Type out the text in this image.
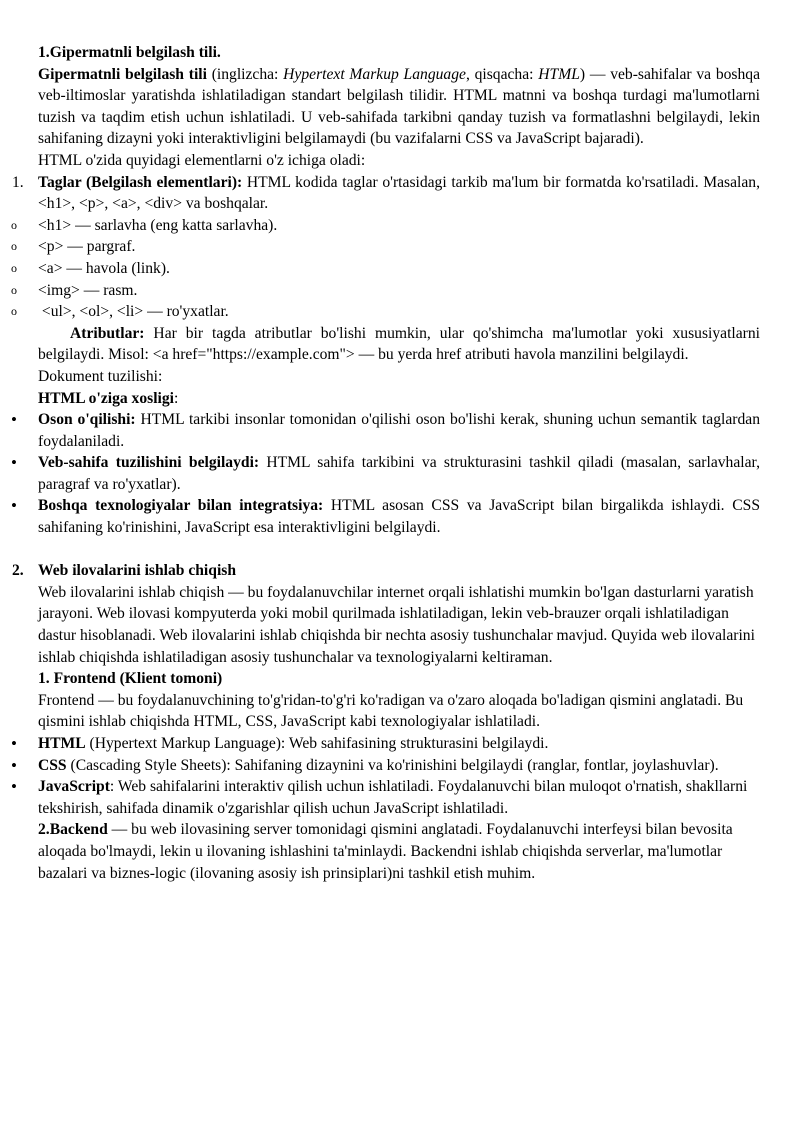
1.Gipermatnli belgilash tili.

Gipermatnli belgilash tili (inglizcha: Hypertext Markup Language, qisqacha: HTML) — veb-sahifalar va boshqa veb-iltimoslar yaratishda ishlatiladigan standart belgilash tilidir. HTML matnni va boshqa turdagi ma'lumotlarni tuzish va taqdim etish uchun ishlatiladi. U veb-sahifada tarkibni qanday tuzish va formatlashni belgilaydi, lekin sahifaning dizayni yoki interaktivligini belgilamaydi (bu vazifalarni CSS va JavaScript bajaradi).

HTML o'zida quyidagi elementlarni o'z ichiga oladi:

1. Taglar (Belgilash elementlari): HTML kodida taglar o'rtasidagi tarkib ma'lum bir formatda ko'rsatiladi. Masalan, <h1>, <p>, <a>, <div> va boshqalar.

o	<h1> — sarlavha (eng katta sarlavha).

o	<p> — pargraf.

o	<a> — havola (link).

o	<img> — rasm.

o	<ul>, <ol>, <li> — ro'yxatlar.

Atributlar: Har bir tagda atributlar bo'lishi mumkin, ular qo'shimcha ma'lumotlar yoki xususiyatlarni belgilaydi. Misol: <a href="https://example.com"> — bu yerda href atributi havola manzilini belgilaydi.

Dokument tuzilishi:

HTML o'ziga xosligi:

•	Oson o'qilishi: HTML tarkibi insonlar tomonidan o'qilishi oson bo'lishi kerak, shuning uchun semantik taglardan foydalaniladi.

•	Veb-sahifa tuzilishini belgilaydi: HTML sahifa tarkibini va strukturasini tashkil qiladi (masalan, sarlavhalar, paragraf va ro'yxatlar).

•	Boshqa texnologiyalar bilan integratsiya: HTML asosan CSS va JavaScript bilan birgalikda ishlaydi. CSS sahifaning ko'rinishini, JavaScript esa interaktivligini belgilaydi.

2. Web ilovalarini ishlab chiqish

Web ilovalarini ishlab chiqish — bu foydalanuvchilar internet orqali ishlatishi mumkin bo'lgan dasturlarni yaratish jarayoni. Web ilovasi kompyuterda yoki mobil qurilmada ishlatiladigan, lekin veb-brauzer orqali ishlatiladigan dastur hisoblanadi. Web ilovalarini ishlab chiqishda bir nechta asosiy tushunchalar mavjud. Quyida web ilovalarini ishlab chiqishda ishlatiladigan asosiy tushunchalar va texnologiyalarni keltiraman.

1. Frontend (Klient tomoni)

Frontend — bu foydalanuvchining to'g'ridan-to'g'ri ko'radigan va o'zaro aloqada bo'ladigan qismini anglatadi. Bu qismini ishlab chiqishda HTML, CSS, JavaScript kabi texnologiyalar ishlatiladi.

•	HTML (Hypertext Markup Language): Web sahifasining strukturasini belgilaydi.

•	CSS (Cascading Style Sheets): Sahifaning dizaynini va ko'rinishini belgilaydi (ranglar, fontlar, joylashuvlar).

•	JavaScript: Web sahifalarini interaktiv qilish uchun ishlatiladi. Foydalanuvchi bilan muloqot o'rnatish, shakllarni tekshirish, sahifada dinamik o'zgarishlar qilish uchun JavaScript ishlatiladi.

2.Backend — bu web ilovasining server tomonidagi qismini anglatadi. Foydalanuvchi interfeysi bilan bevosita aloqada bo'lmaydi, lekin u ilovaning ishlashini ta'minlaydi. Backendni ishlab chiqishda serverlar, ma'lumotlar bazalari va biznes-logic (ilovaning asosiy ish prinsiplari)ni tashkil etish muhim.
